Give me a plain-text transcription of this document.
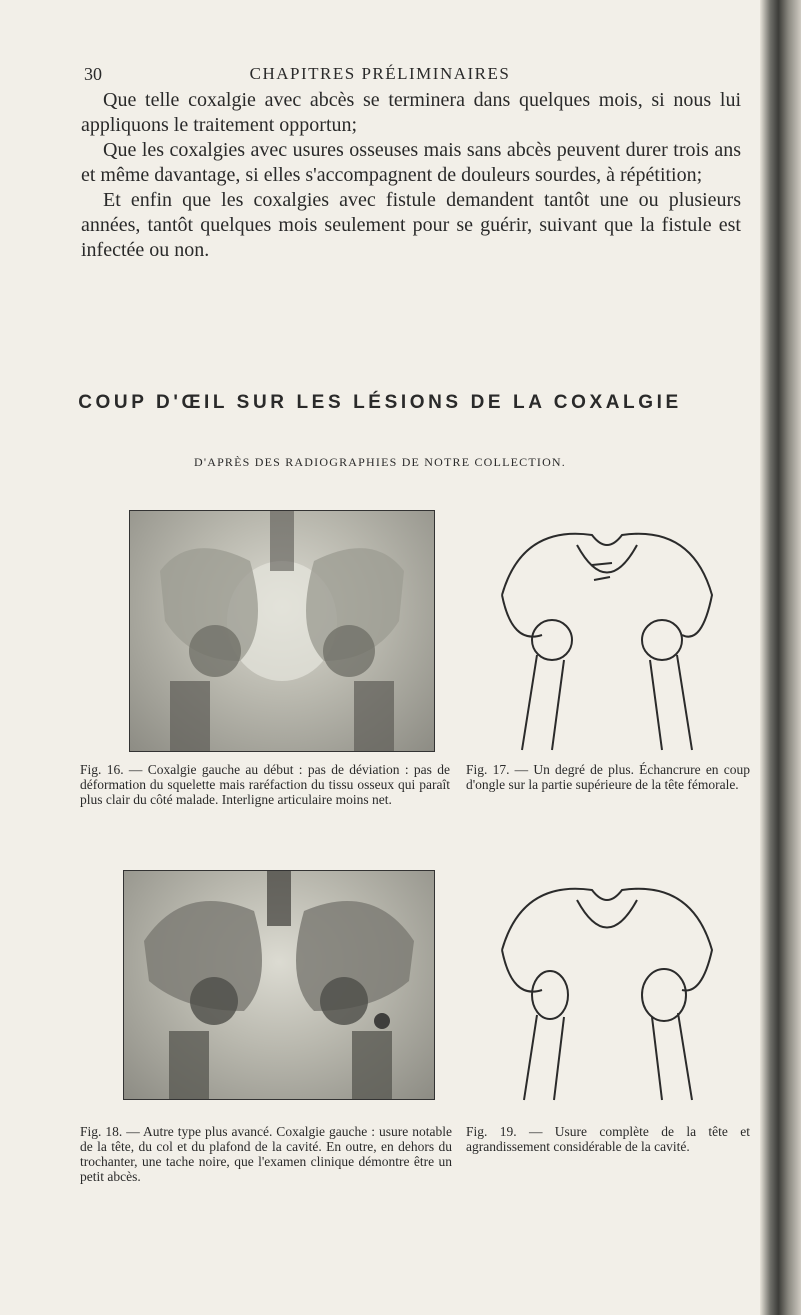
30	CHAPITRES PRÉLIMINAIRES

Que telle coxalgie avec abcès se terminera dans quelques mois, si nous lui appliquons le traitement opportun;

Que les coxalgies avec usures osseuses mais sans abcès peuvent durer trois ans et même davantage, si elles s'accompagnent de douleurs sourdes, à répétition;

Et enfin que les coxalgies avec fistule demandent tantôt une ou plusieurs années, tantôt quelques mois seulement pour se guérir, suivant que la fistule est infectée ou non.

COUP D'ŒIL SUR LES LÉSIONS DE LA COXALGIE
D'APRÈS DES RADIOGRAPHIES DE NOTRE COLLECTION.
Fig. 16. — Coxalgie gauche au début : pas de déviation : pas de déformation du squelette mais raréfaction du tissu osseux qui paraît plus clair du côté malade. Interligne articulaire moins net.
Fig. 17. — Un degré de plus. Échancrure en coup d'ongle sur la partie supérieure de la tête fémorale.
Fig. 18. — Autre type plus avancé. Coxalgie gauche : usure notable de la tête, du col et du plafond de la cavité. En outre, en dehors du trochanter, une tache noire, que l'examen clinique démontre être un petit abcès.
Fig. 19. — Usure complète de la tête et agrandissement considérable de la cavité.
